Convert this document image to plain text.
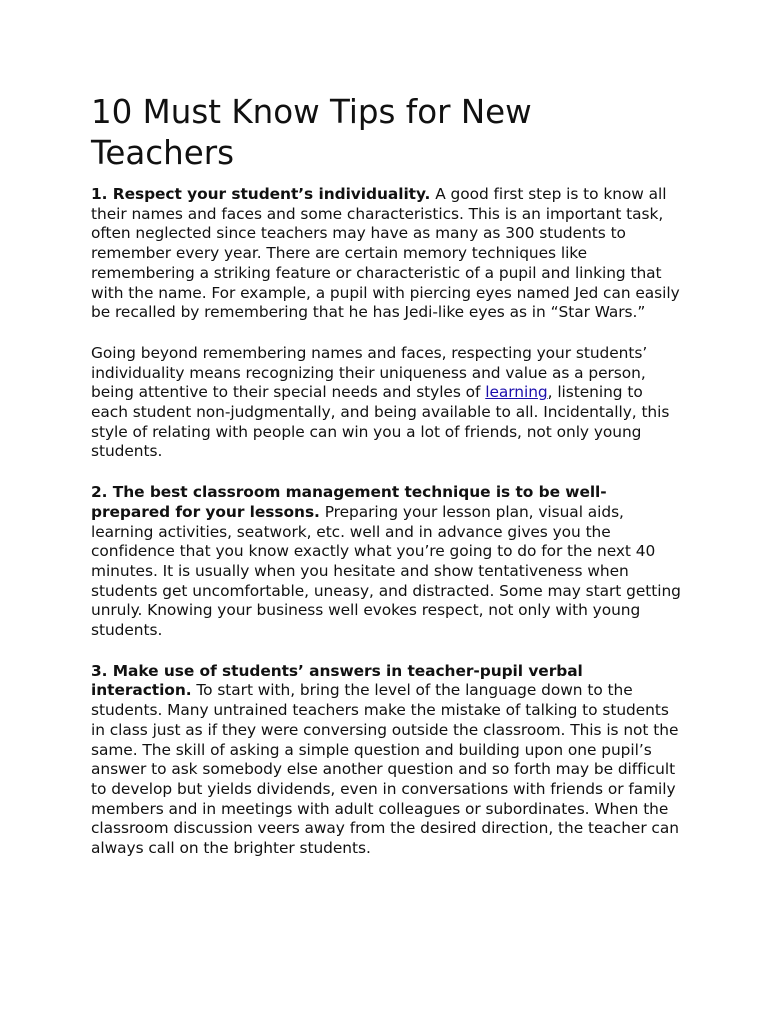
10 Must Know Tips for New Teachers

1. Respect your student’s individuality. A good first step is to know all their names and faces and some characteristics. This is an important task, often neglected since teachers may have as many as 300 students to remember every year. There are certain memory techniques like remembering a striking feature or characteristic of a pupil and linking that with the name. For example, a pupil with piercing eyes named Jed can easily be recalled by remembering that he has Jedi-like eyes as in “Star Wars.”

Going beyond remembering names and faces, respecting your students’ individuality means recognizing their uniqueness and value as a person, being attentive to their special needs and styles of learning, listening to each student non-judgmentally, and being available to all. Incidentally, this style of relating with people can win you a lot of friends, not only young students.

2. The best classroom management technique is to be well-prepared for your lessons. Preparing your lesson plan, visual aids, learning activities, seatwork, etc. well and in advance gives you the confidence that you know exactly what you’re going to do for the next 40 minutes. It is usually when you hesitate and show tentativeness when students get uncomfortable, uneasy, and distracted. Some may start getting unruly. Knowing your business well evokes respect, not only with young students.

3. Make use of students’ answers in teacher-pupil verbal interaction. To start with, bring the level of the language down to the students. Many untrained teachers make the mistake of talking to students in class just as if they were conversing outside the classroom. This is not the same. The skill of asking a simple question and building upon one pupil’s answer to ask somebody else another question and so forth may be difficult to develop but yields dividends, even in conversations with friends or family members and in meetings with adult colleagues or subordinates. When the classroom discussion veers away from the desired direction, the teacher can always call on the brighter students.
